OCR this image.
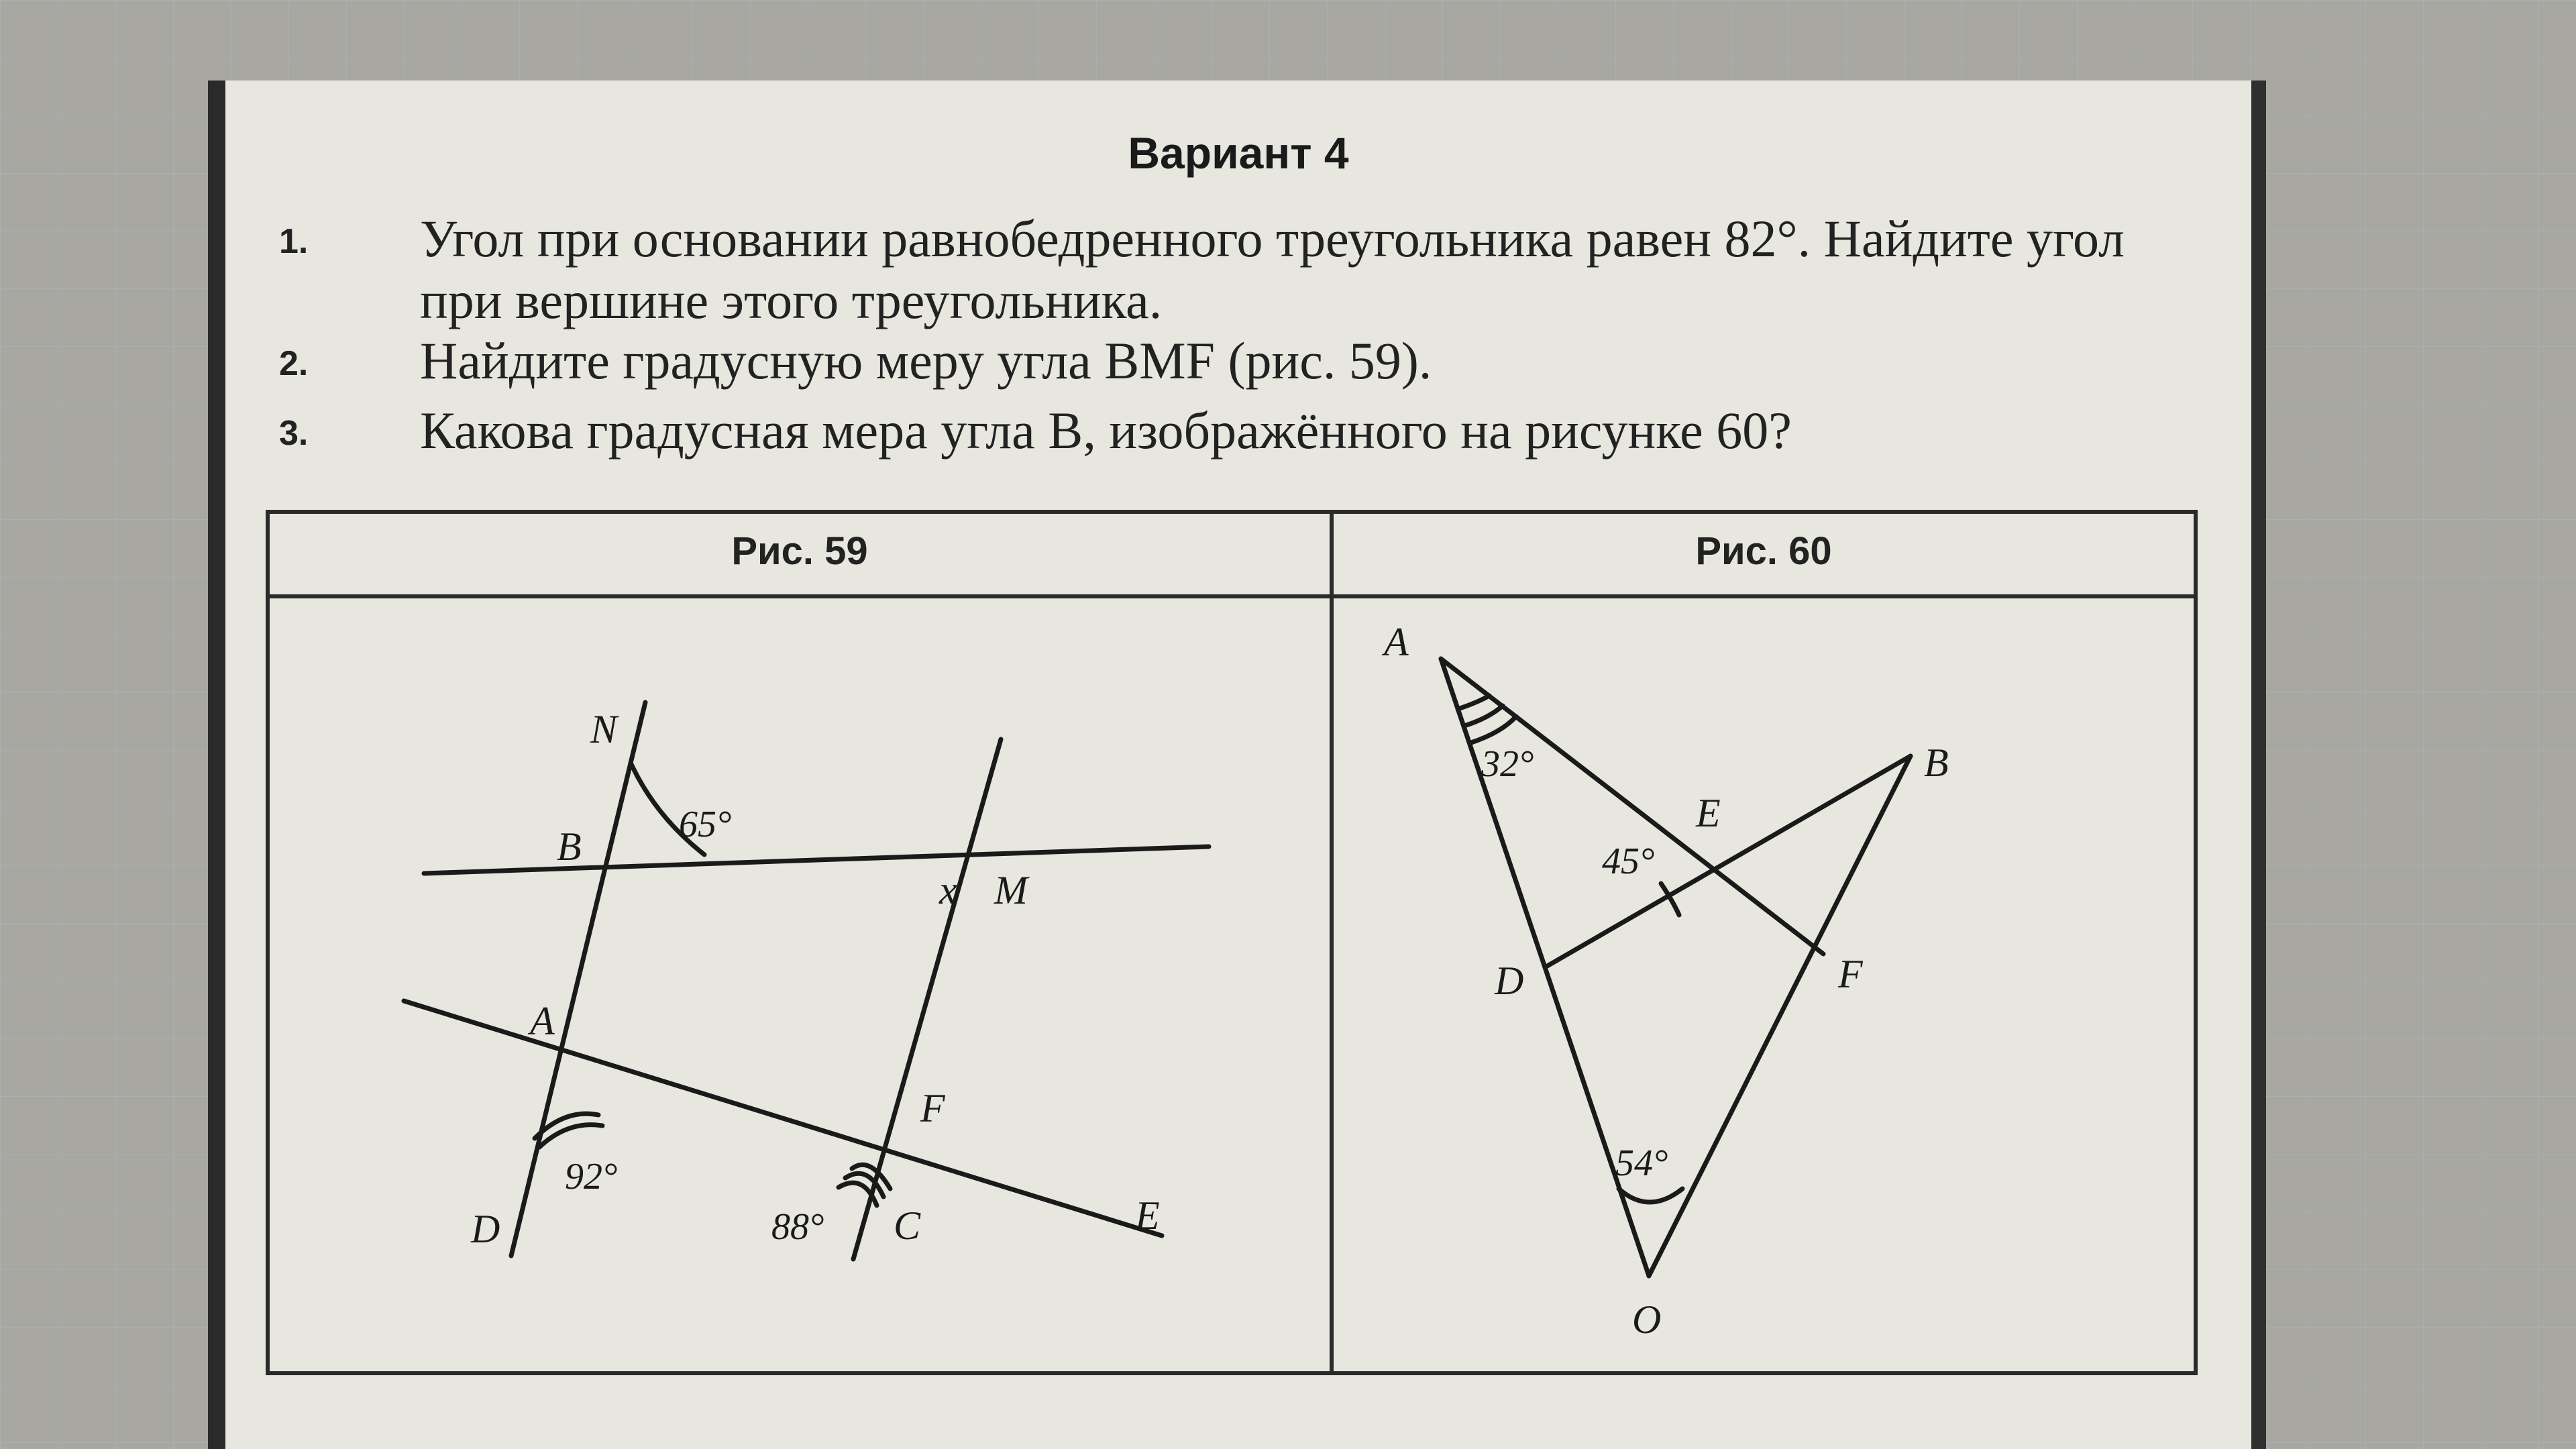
Вариант 4
1. Угол при основании равнобедренного треугольника равен 82°. Найдите угол при вершине этого треугольника.
2. Найдите градусную меру угла BMF (рис. 59).
3. Какова градусная мера угла B, изображённого на рисунке 60?
Рис. 59	Рис. 60
N
B	65°
x M
A
F
92°
D	88° C	E
A
32°	B
E
45°
D	F
54°
O
